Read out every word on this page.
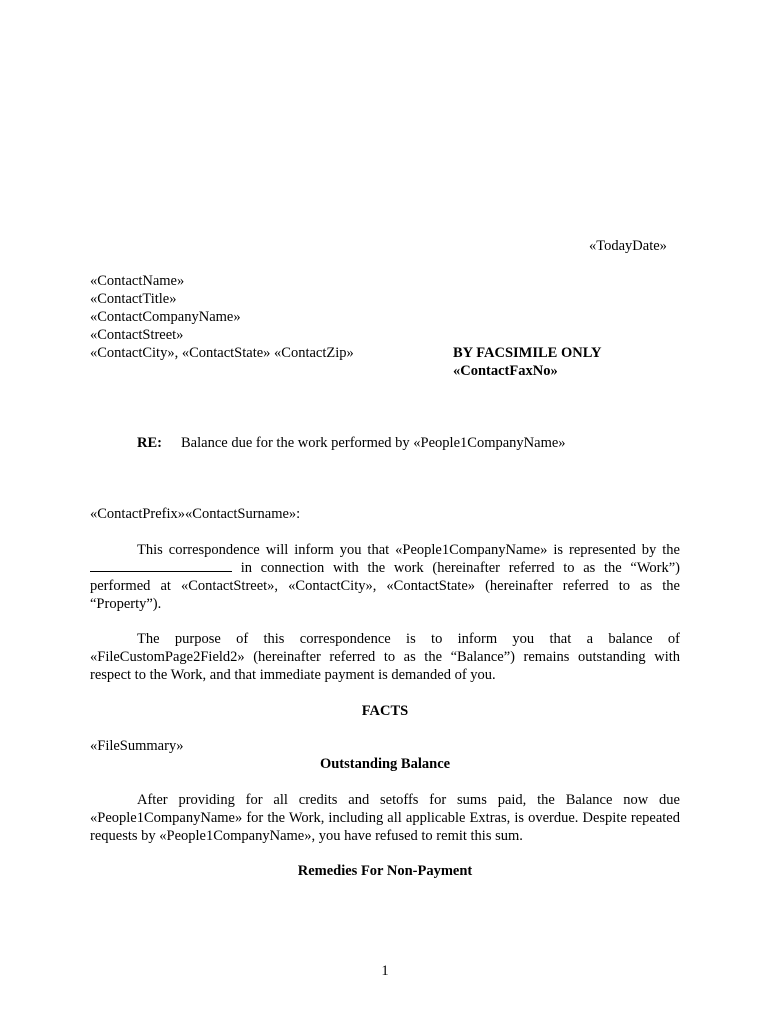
«TodayDate»
«ContactName»
«ContactTitle»
«ContactCompanyName»
«ContactStreet»
«ContactCity», «ContactState» «ContactZip»	BY FACSIMILE ONLY
«ContactFaxNo»
RE: Balance due for the work performed by «People1CompanyName»
«ContactPrefix»«ContactSurname»:
This correspondence will inform you that «People1CompanyName» is represented by the  in connection with the work (hereinafter referred to as the “Work”) performed at «ContactStreet», «ContactCity», «ContactState» (hereinafter referred to as the “Property”).
The purpose of this correspondence is to inform you that a balance of «FileCustomPage2Field2» (hereinafter referred to as the “Balance”) remains outstanding with respect to the Work, and that immediate payment is demanded of you.
FACTS
«FileSummary»
Outstanding Balance
After providing for all credits and setoffs for sums paid, the Balance now due «People1CompanyName» for the Work, including all applicable Extras, is overdue. Despite repeated requests by «People1CompanyName», you have refused to remit this sum.
Remedies For Non-Payment
1
